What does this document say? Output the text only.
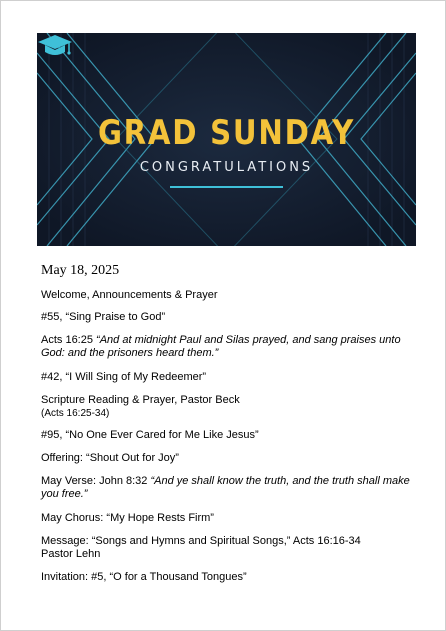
GRAD SUNDAY
CONGRATULATIONS
May 18, 2025
Welcome, Announcements & Prayer
#55, “Sing Praise to God”
Acts 16:25 “And at midnight Paul and Silas prayed, and sang praises unto God: and the prisoners heard them.”
#42, “I Will Sing of My Redeemer”
Scripture Reading & Prayer, Pastor Beck
(Acts 16:25-34)
#95, “No One Ever Cared for Me Like Jesus”
Offering: “Shout Out for Joy”
May Verse: John 8:32 “And ye shall know the truth, and the truth shall make you free.”
May Chorus: “My Hope Rests Firm”
Message: “Songs and Hymns and Spiritual Songs,” Acts 16:16-34
Pastor Lehn
Invitation: #5, “O for a Thousand Tongues”
